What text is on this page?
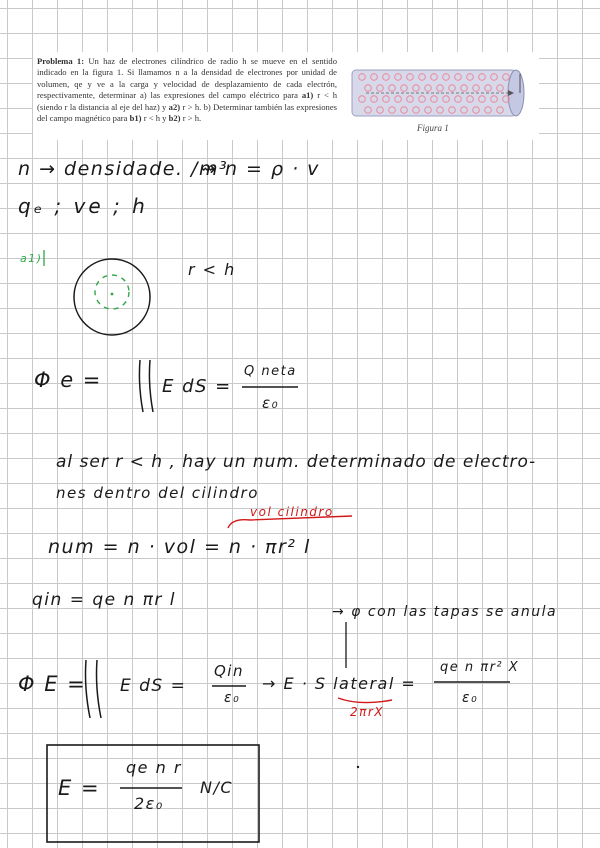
Problema 1: Un haz de electrones cilíndrico de radio h se mueve en el sentido indicado en la figura 1. Si llamamos n a la densidad de electrones por unidad de volumen, qe y ve a la carga y velocidad de desplazamiento de cada electrón, respectivamente, determinar a) las expresiones del campo eléctrico para a1) r < h (siendo r la distancia al eje del haz) y a2) r > h. b) Determinar también las expresiones del campo magnético para b1) r < h y b2) r > h.
Figura 1
n → densidade. /m³
⇝ n = ρ · v
qₑ ; ve ; h
a1)
r < h
Φ e =	E dS =
Q neta
ε₀
al ser r < h , hay un num. determinado de electro-
nes dentro del cilindro
vol cilindro
num = n · vol = n · πr² l
qin = qe n πr l
→ φ con las tapas se anula
Φ E = E dS =
Qin
ε₀
→ E · S lateral =
2πrX
qe n πr² X
ε₀
E =
qe n r
2ε₀
N/C
